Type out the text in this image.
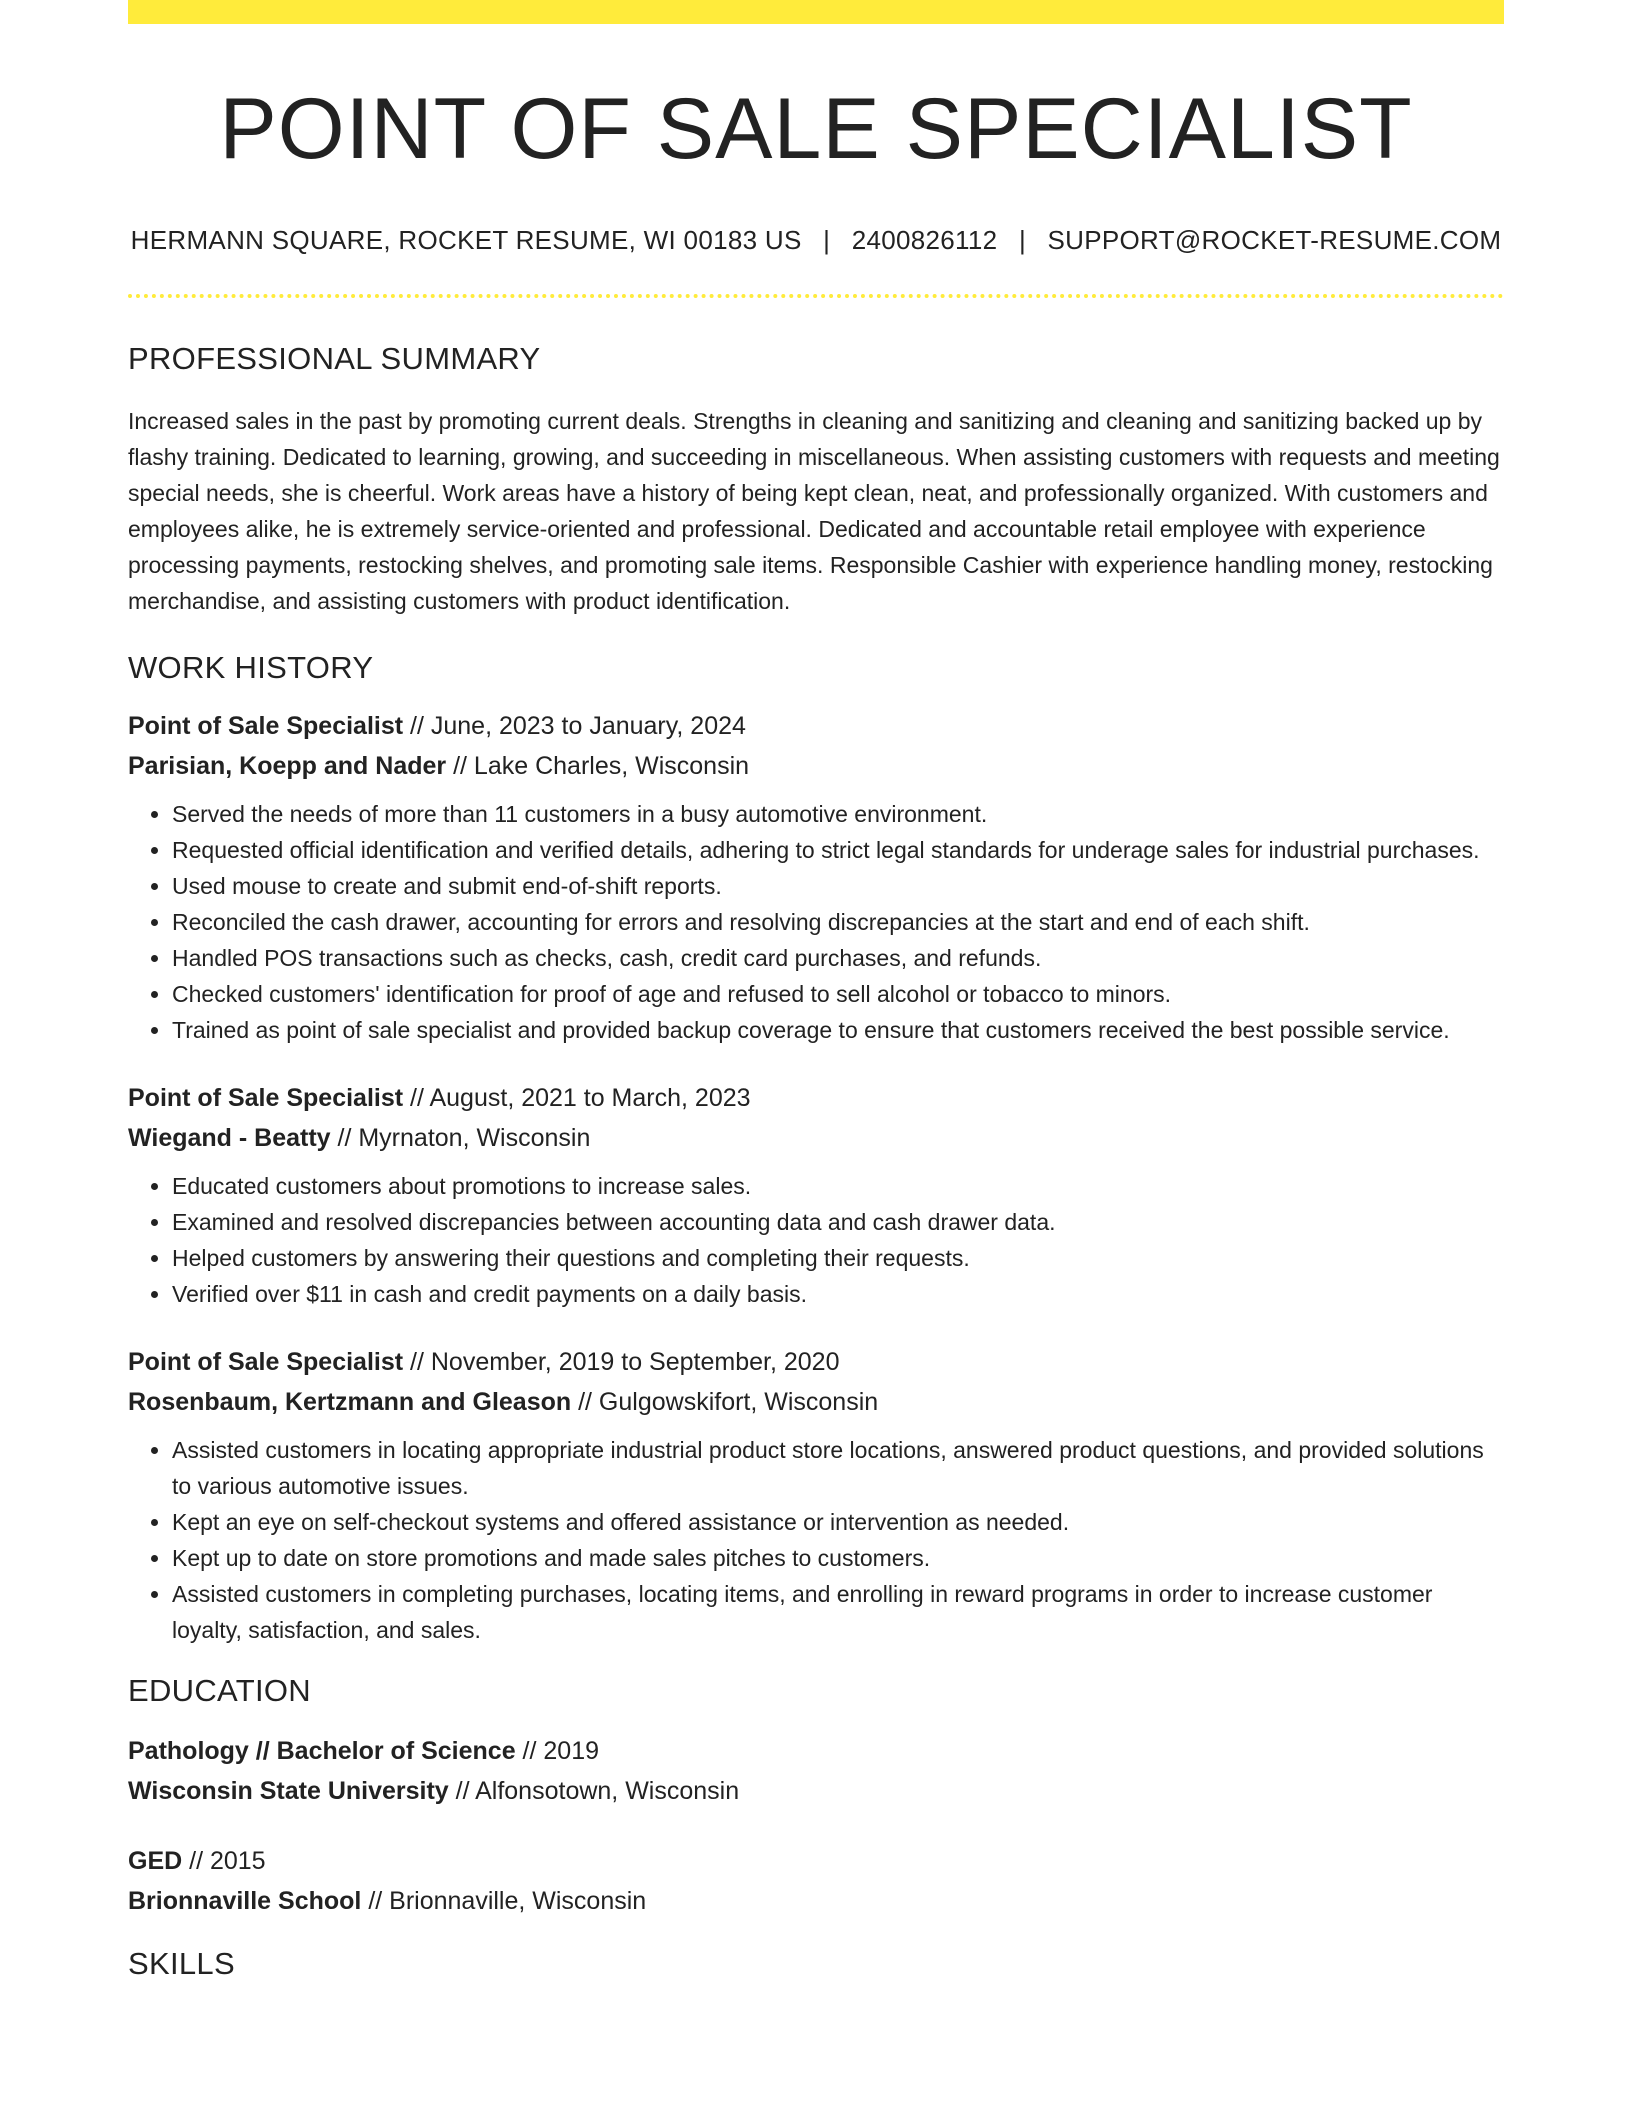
POINT OF SALE SPECIALIST
HERMANN SQUARE, ROCKET RESUME, WI 00183 US | 2400826112 | SUPPORT@ROCKET-RESUME.COM
PROFESSIONAL SUMMARY

Increased sales in the past by promoting current deals. Strengths in cleaning and sanitizing and cleaning and sanitizing backed up by flashy training. Dedicated to learning, growing, and succeeding in miscellaneous. When assisting customers with requests and meeting special needs, she is cheerful. Work areas have a history of being kept clean, neat, and professionally organized. With customers and employees alike, he is extremely service-oriented and professional. Dedicated and accountable retail employee with experience processing payments, restocking shelves, and promoting sale items. Responsible Cashier with experience handling money, restocking merchandise, and assisting customers with product identification.

WORK HISTORY
Point of Sale Specialist // June, 2023 to January, 2024
Parisian, Koepp and Nader // Lake Charles, Wisconsin
• Served the needs of more than 11 customers in a busy automotive environment.
• Requested official identification and verified details, adhering to strict legal standards for underage sales for industrial purchases.
• Used mouse to create and submit end-of-shift reports.
• Reconciled the cash drawer, accounting for errors and resolving discrepancies at the start and end of each shift.
• Handled POS transactions such as checks, cash, credit card purchases, and refunds.
• Checked customers' identification for proof of age and refused to sell alcohol or tobacco to minors.
• Trained as point of sale specialist and provided backup coverage to ensure that customers received the best possible service.
Point of Sale Specialist // August, 2021 to March, 2023
Wiegand - Beatty // Myrnaton, Wisconsin
• Educated customers about promotions to increase sales.
• Examined and resolved discrepancies between accounting data and cash drawer data.
• Helped customers by answering their questions and completing their requests.
• Verified over $11 in cash and credit payments on a daily basis.
Point of Sale Specialist // November, 2019 to September, 2020
Rosenbaum, Kertzmann and Gleason // Gulgowskifort, Wisconsin
• Assisted customers in locating appropriate industrial product store locations, answered product questions, and provided solutions to various automotive issues.
• Kept an eye on self-checkout systems and offered assistance or intervention as needed.
• Kept up to date on store promotions and made sales pitches to customers.
• Assisted customers in completing purchases, locating items, and enrolling in reward programs in order to increase customer loyalty, satisfaction, and sales.
EDUCATION
Pathology // Bachelor of Science // 2019
Wisconsin State University // Alfonsotown, Wisconsin
GED // 2015
Brionnaville School // Brionnaville, Wisconsin
SKILLS
